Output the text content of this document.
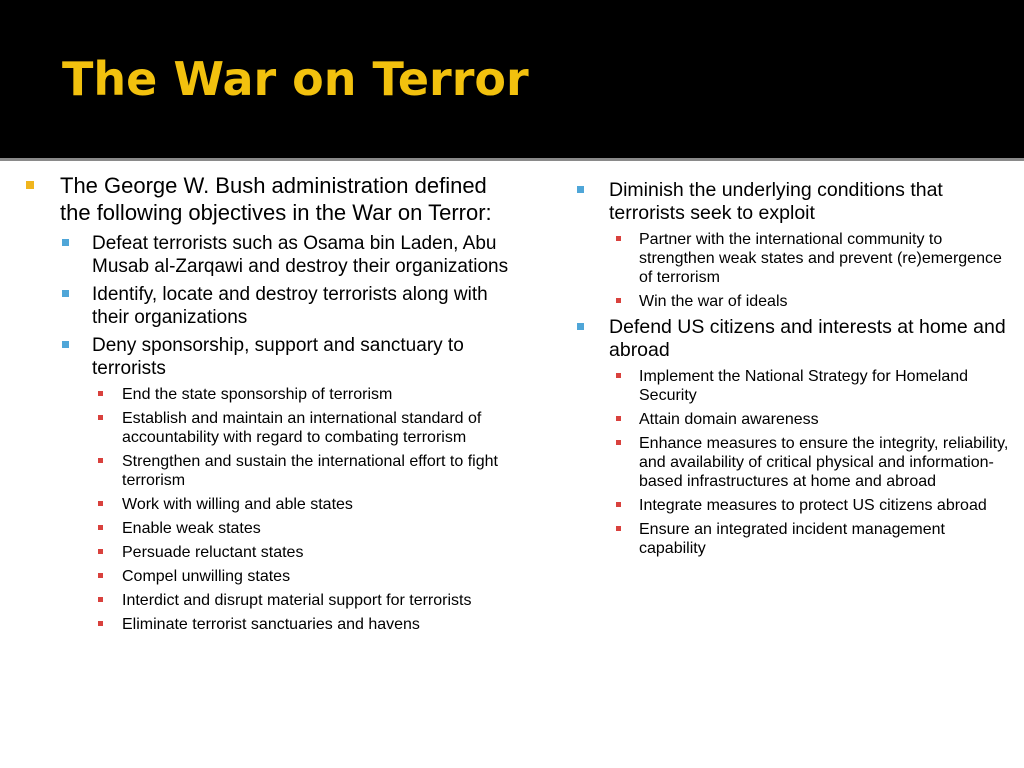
The War on Terror
The George W. Bush administration defined the following objectives in the War on Terror:
Defeat terrorists such as Osama bin Laden, Abu Musab al-Zarqawi and destroy their organizations
Identify, locate and destroy terrorists along with their organizations
Deny sponsorship, support and sanctuary to terrorists
End the state sponsorship of terrorism
Establish and maintain an international standard of accountability with regard to combating terrorism
Strengthen and sustain the international effort to fight terrorism
Work with willing and able states
Enable weak states
Persuade reluctant states
Compel unwilling states
Interdict and disrupt material support for terrorists
Eliminate terrorist sanctuaries and havens
Diminish the underlying conditions that terrorists seek to exploit
Partner with the international community to strengthen weak states and prevent (re)emergence of terrorism
Win the war of ideals
Defend US citizens and interests at home and abroad
Implement the National Strategy for Homeland Security
Attain domain awareness
Enhance measures to ensure the integrity, reliability, and availability of critical physical and information-based infrastructures at home and abroad
Integrate measures to protect US citizens abroad
Ensure an integrated incident management capability
